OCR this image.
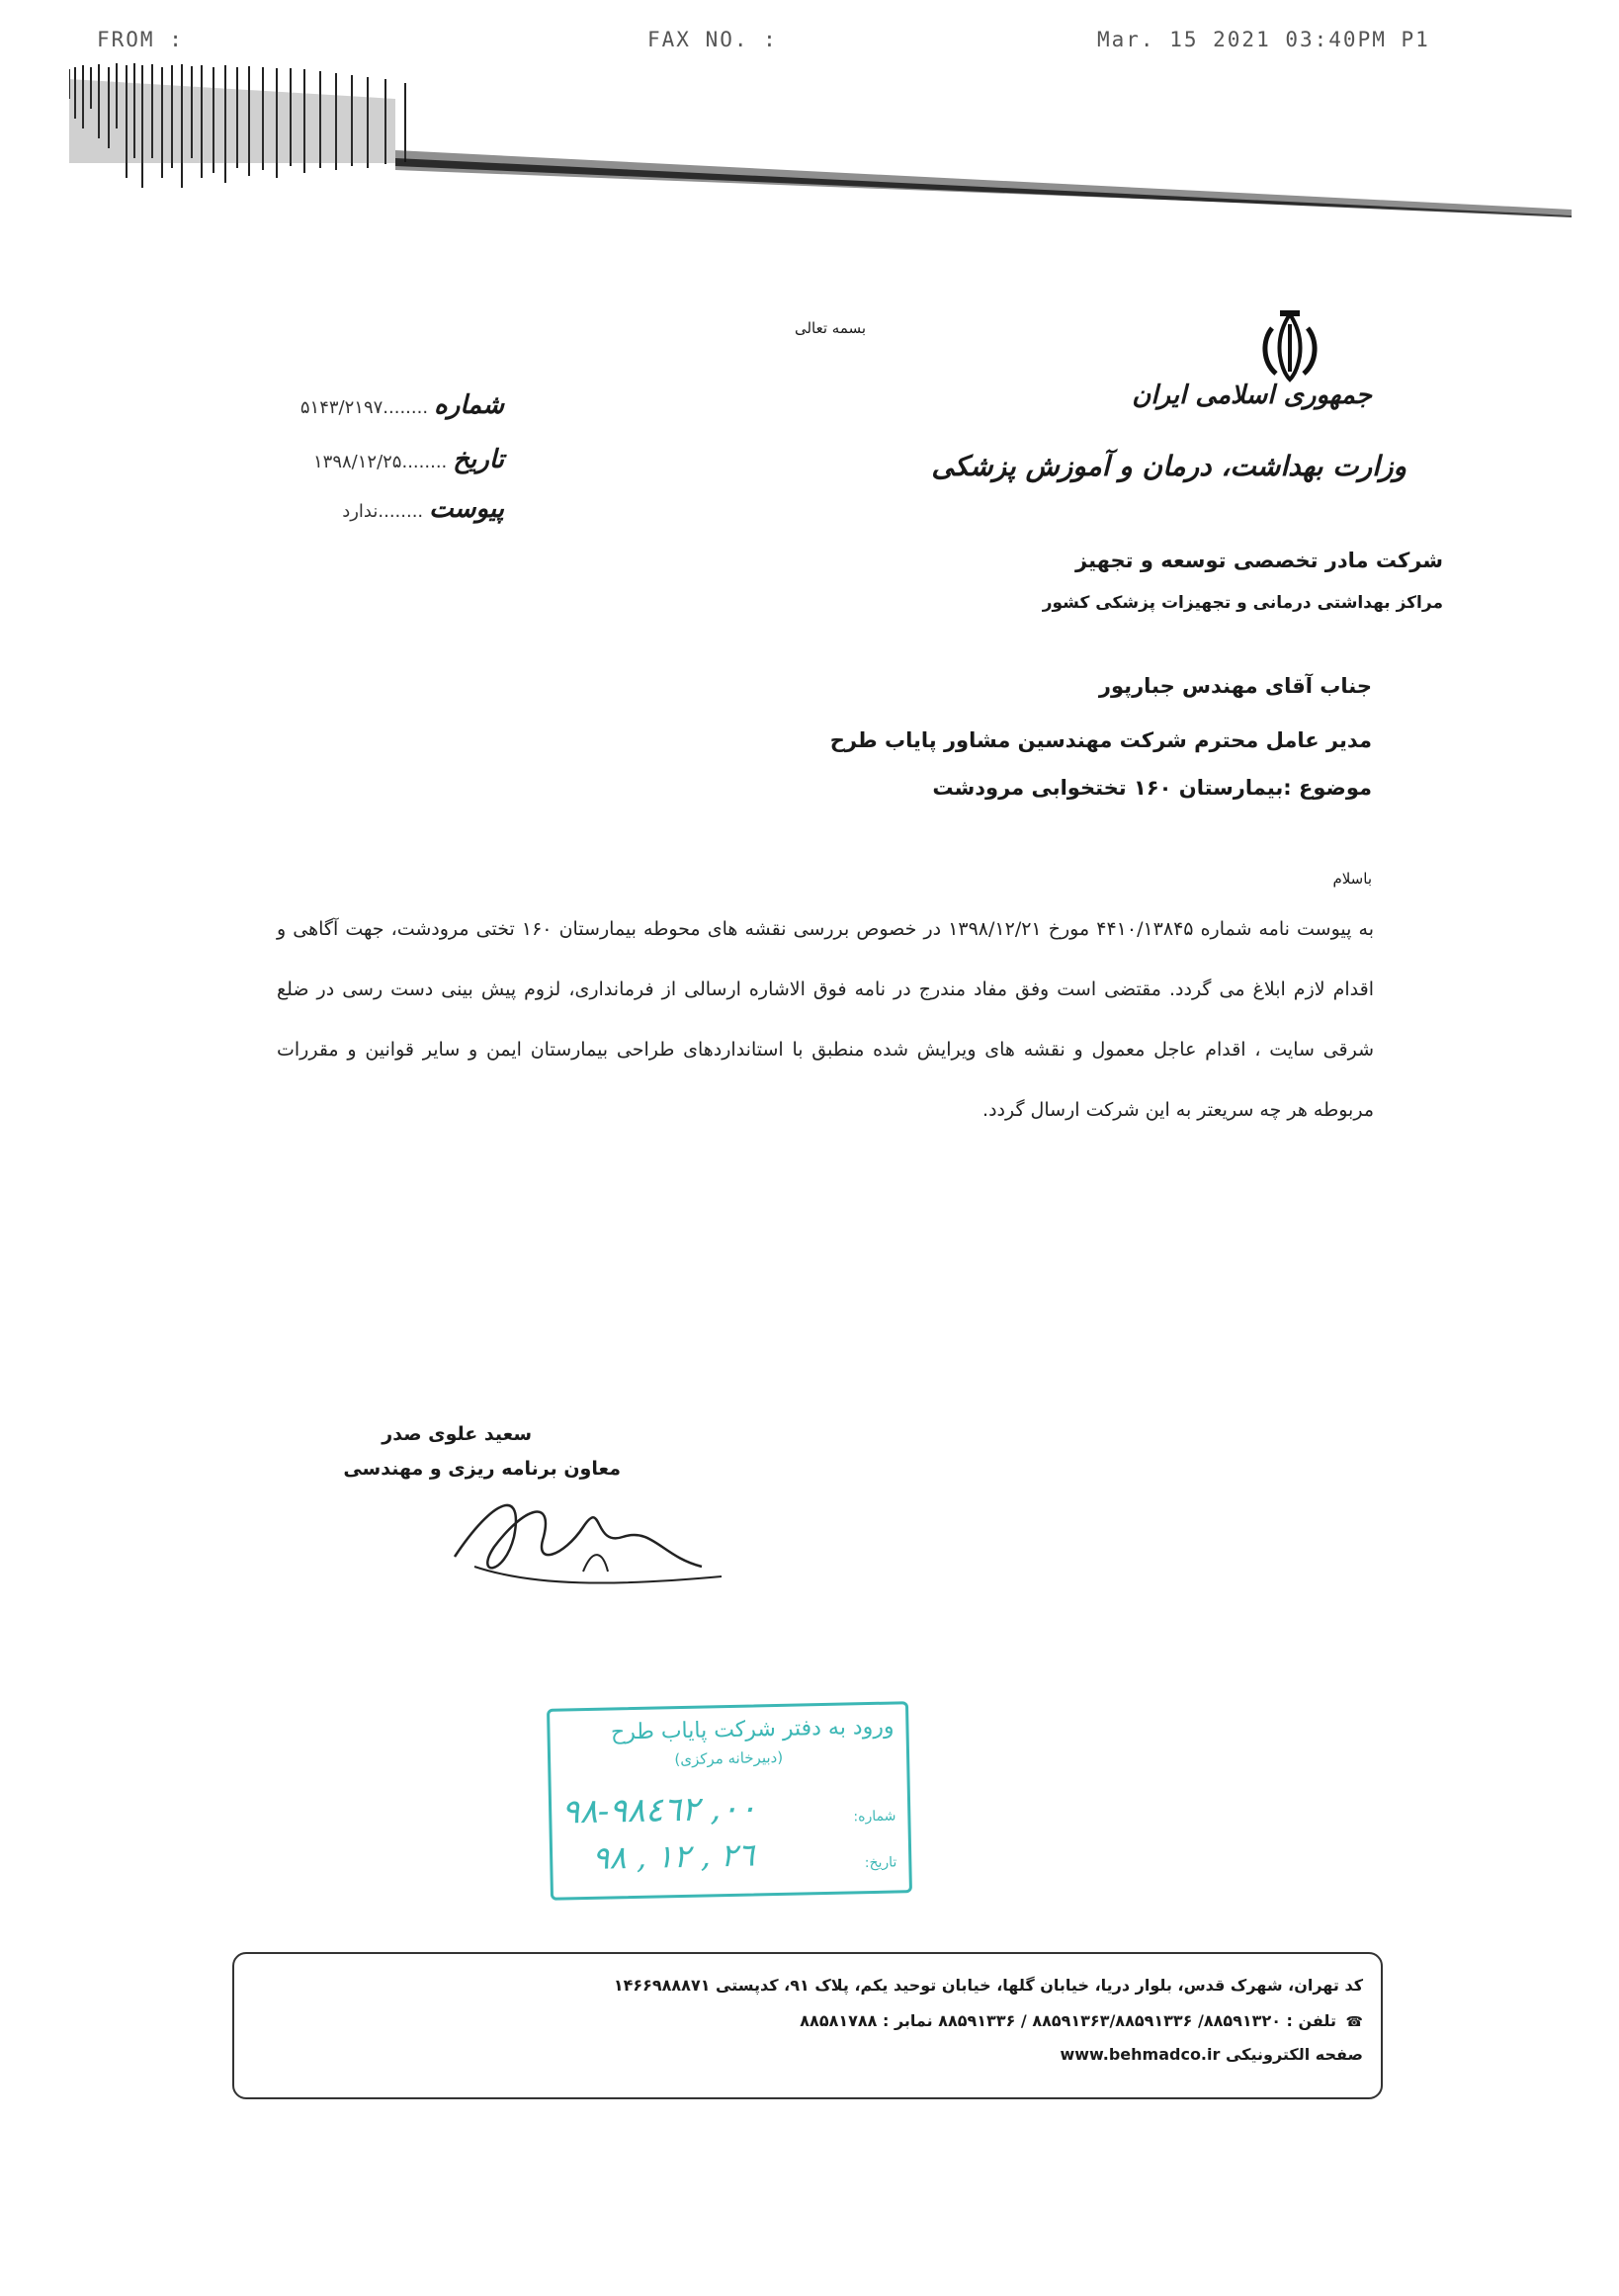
FROM :	FAX NO. :	Mar. 15 2021 03:40PM P1
بسمه تعالی
جمهوری اسلامی ایران
وزارت بهداشت، درمان و آموزش پزشکی
شرکت مادر تخصصی توسعه و تجهیز
مراکز بهداشتی درمانی و تجهیزات پزشکی کشور
شماره
........۵۱۴۳/۲۱۹۷
تاریخ
........۱۳۹۸/۱۲/۲۵
پیوست
........ندارد
جناب آقای مهندس جبارپور
مدیر عامل محترم شرکت مهندسین مشاور پایاب طرح
موضوع :بیمارستان ۱۶۰ تختخوابی مرودشت
باسلام
به پیوست نامه شماره ۴۴۱۰/۱۳۸۴۵ مورخ ۱۳۹۸/۱۲/۲۱ در خصوص بررسی نقشه های محوطه بیمارستان ۱۶۰ تختی مرودشت، جهت آگاهی و اقدام لازم ابلاغ می گردد. مقتضی است وفق مفاد مندرج در نامه فوق الاشاره ارسالی از فرمانداری، لزوم پیش بینی دست رسی در ضلع شرقی سایت ، اقدام عاجل معمول و نقشه های ویرایش شده منطبق با استانداردهای طراحی بیمارستان ایمن و سایر قوانین و مقررات مربوطه هر چه سریعتر به این شرکت ارسال گردد.
سعید علوی صدر
معاون برنامه ریزی و مهندسی
ورود به دفتر شرکت پایاب طرح
(دبیرخانه مرکزی)
شماره:
۹۸-۹۸٤٦۲ ,۰۰
تاریخ:
۹۸ , ۱۲ , ۲٦
کد تهران، شهرک قدس، بلوار دریا، خیابان گلها، خیابان توحید یکم، پلاک ۹۱، کدپستی ۱۴۶۶۹۸۸۸۷۱
☎ تلفن : ۸۸۵۹۱۳۲۰/ ۸۸۵۹۱۳۶۳/۸۸۵۹۱۳۳۶ / ۸۸۵۹۱۳۳۶ نمابر : ۸۸۵۸۱۷۸۸
صفحه الکترونیکی www.behmadco.ir
